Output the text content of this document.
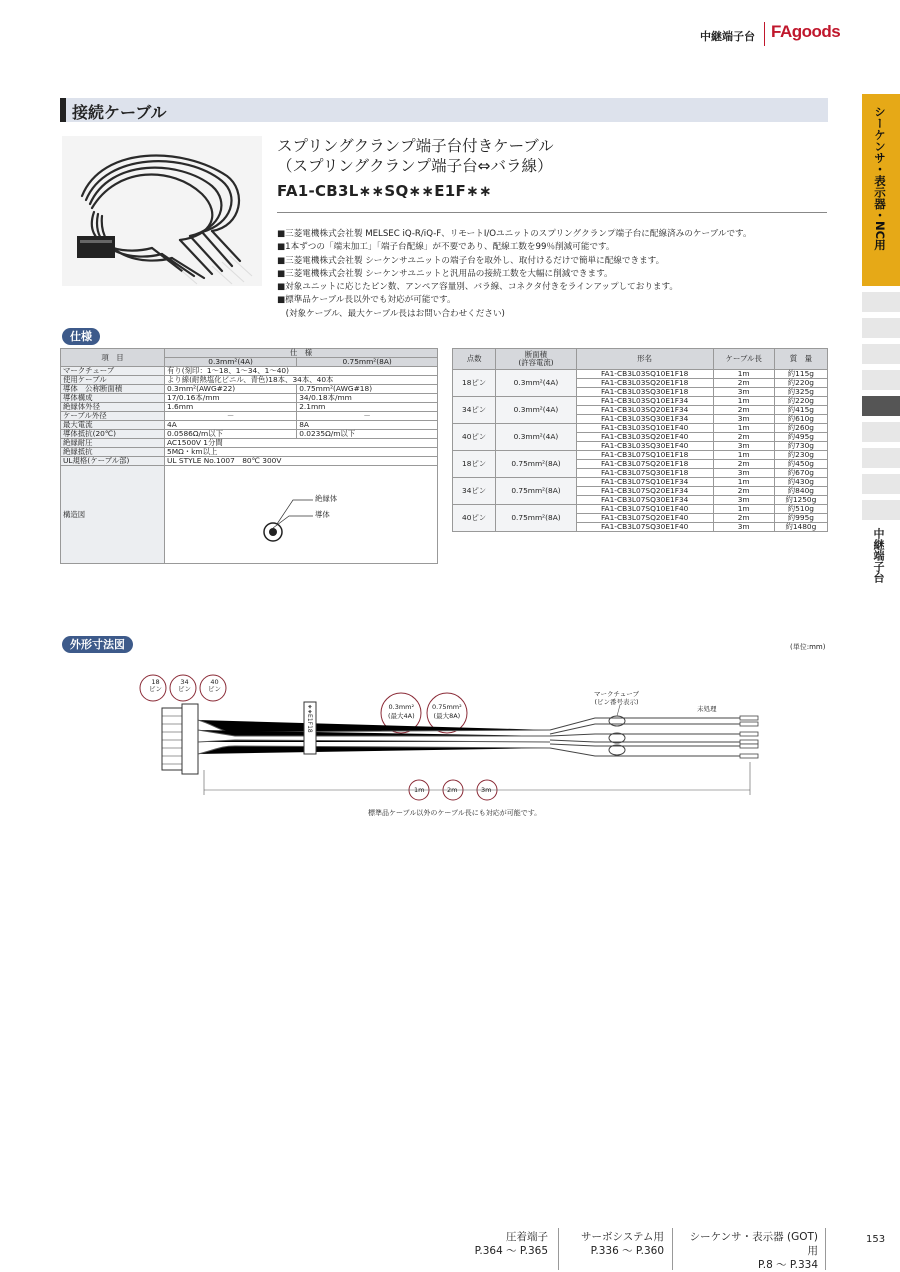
中継端子台 FAgoods
接続ケーブル
スプリングクランプ端子台付きケーブル
（スプリングクランプ端子台⇔バラ線）
FA1-CB3L∗∗SQ∗∗E1F∗∗
■三菱電機株式会社製 MELSEC iQ-R/iQ-F、リモートI/Oユニットのスプリングクランプ端子台に配線済みのケーブルです。
■1本ずつの「端末加工」「端子台配線」が不要であり、配線工数を99％削減可能です。
■三菱電機株式会社製 シーケンサユニットの端子台を取外し、取付けるだけで簡単に配線できます。
■三菱電機株式会社製 シーケンサユニットと汎用品の接続工数を大幅に削減できます。
■対象ユニットに応じたピン数、アンペア容量別、バラ線、コネクタ付きをラインアップしております。
■標準品ケーブル長以外でも対応が可能です。
　(対象ケーブル、最大ケーブル長はお問い合わせください)
仕様
項　目	仕　様	
	0.3mm²(4A)	0.75mm²(8A)
マークチューブ	有り(刻印：1～18、1～34、1～40)	
使用ケーブル	より線(耐熱塩化ビニル、青色)18本、34本、40本	
導体　公称断面積	0.3mm²(AWG#22)	0.75mm²(AWG#18)
導体構成	17/0.16本/mm	34/0.18本/mm
絶縁体外径	1.6mm	2.1mm
ケーブル外径	－	－
最大電流	4A	8A
導体抵抗(20℃)	0.0586Ω/m以下	0.0235Ω/m以下
絶縁耐圧	AC1500V 1分間	
絶縁抵抗	5MΩ・km以上	
UL規格(ケーブル部)	UL STYLE No.1007　80℃ 300V	
構造図	絶縁体
導体	
点数	断面積
(許容電流)	形名	ケーブル長	質　量
18ピン	0.3mm²(4A)	FA1-CB3L03SQ10E1F18	1m	約115g
		FA1-CB3L03SQ20E1F18	2m	約220g
		FA1-CB3L03SQ30E1F18	3m	約325g
34ピン	0.3mm²(4A)	FA1-CB3L03SQ10E1F34	1m	約220g
		FA1-CB3L03SQ20E1F34	2m	約415g
		FA1-CB3L03SQ30E1F34	3m	約610g
40ピン	0.3mm²(4A)	FA1-CB3L03SQ10E1F40	1m	約260g
		FA1-CB3L03SQ20E1F40	2m	約495g
		FA1-CB3L03SQ30E1F40	3m	約730g
18ピン	0.75mm²(8A)	FA1-CB3L07SQ10E1F18	1m	約230g
		FA1-CB3L07SQ20E1F18	2m	約450g
		FA1-CB3L07SQ30E1F18	3m	約670g
34ピン	0.75mm²(8A)	FA1-CB3L07SQ10E1F34	1m	約430g
		FA1-CB3L07SQ20E1F34	2m	約840g
		FA1-CB3L07SQ30E1F34	3m	約1250g
40ピン	0.75mm²(8A)	FA1-CB3L07SQ10E1F40	1m	約510g
		FA1-CB3L07SQ20E1F40	2m	約995g
		FA1-CB3L07SQ30E1F40	3m	約1480g
外形寸法図	(単位:mm)
18
ピン
34
ピン
40
ピン
0.3mm²
(最大4A)
0.75mm²
(最大8A)
マークチューブ
(ピン番号表示)
未処理
∗∗E1F18
1m	2m	3m
標準品ケーブル以外のケーブル長にも対応が可能です。
シーケンサ・表示器・NC用
中継端子台
圧着端子
P.364 ～ P.365
サーボシステム用
P.336 ～ P.360
シーケンサ・表示器 (GOT) 用
P.8 ～ P.334
153
